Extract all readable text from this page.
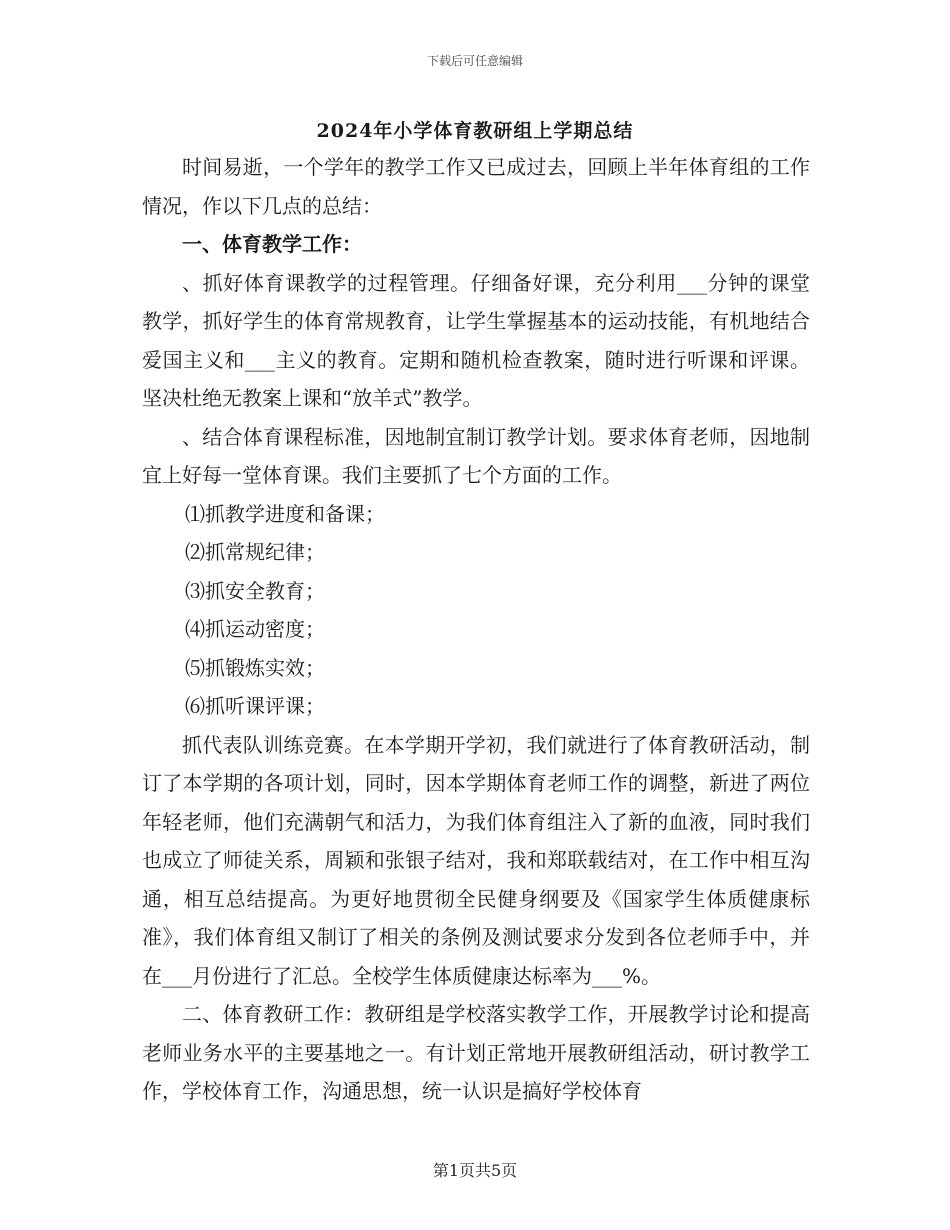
下载后可任意编辑
2024年小学体育教研组上学期总结

时间易逝，一个学年的教学工作又已成过去，回顾上半年体育组的工作情况，作以下几点的总结：

一、体育教学工作：

、抓好体育课教学的过程管理。仔细备好课，充分利用___分钟的课堂教学，抓好学生的体育常规教育，让学生掌握基本的运动技能，有机地结合爱国主义和___主义的教育。定期和随机检查教案，随时进行听课和评课。坚决杜绝无教案上课和“放羊式”教学。

、结合体育课程标准，因地制宜制订教学计划。要求体育老师，因地制宜上好每一堂体育课。我们主要抓了七个方面的工作。

⑴抓教学进度和备课；

⑵抓常规纪律；

⑶抓安全教育；

⑷抓运动密度；

⑸抓锻炼实效；

⑹抓听课评课；

抓代表队训练竞赛。在本学期开学初，我们就进行了体育教研活动，制订了本学期的各项计划，同时，因本学期体育老师工作的调整，新进了两位年轻老师，他们充满朝气和活力，为我们体育组注入了新的血液，同时我们也成立了师徒关系，周颖和张银子结对，我和郑联载结对，在工作中相互沟通，相互总结提高。为更好地贯彻全民健身纲要及《国家学生体质健康标准》，我们体育组又制订了相关的条例及测试要求分发到各位老师手中，并在___月份进行了汇总。全校学生体质健康达标率为___%。

二、体育教研工作：教研组是学校落实教学工作，开展教学讨论和提高老师业务水平的主要基地之一。有计划正常地开展教研组活动，研讨教学工作，学校体育工作，沟通思想，统一认识是搞好学校体育

第1页共5页
